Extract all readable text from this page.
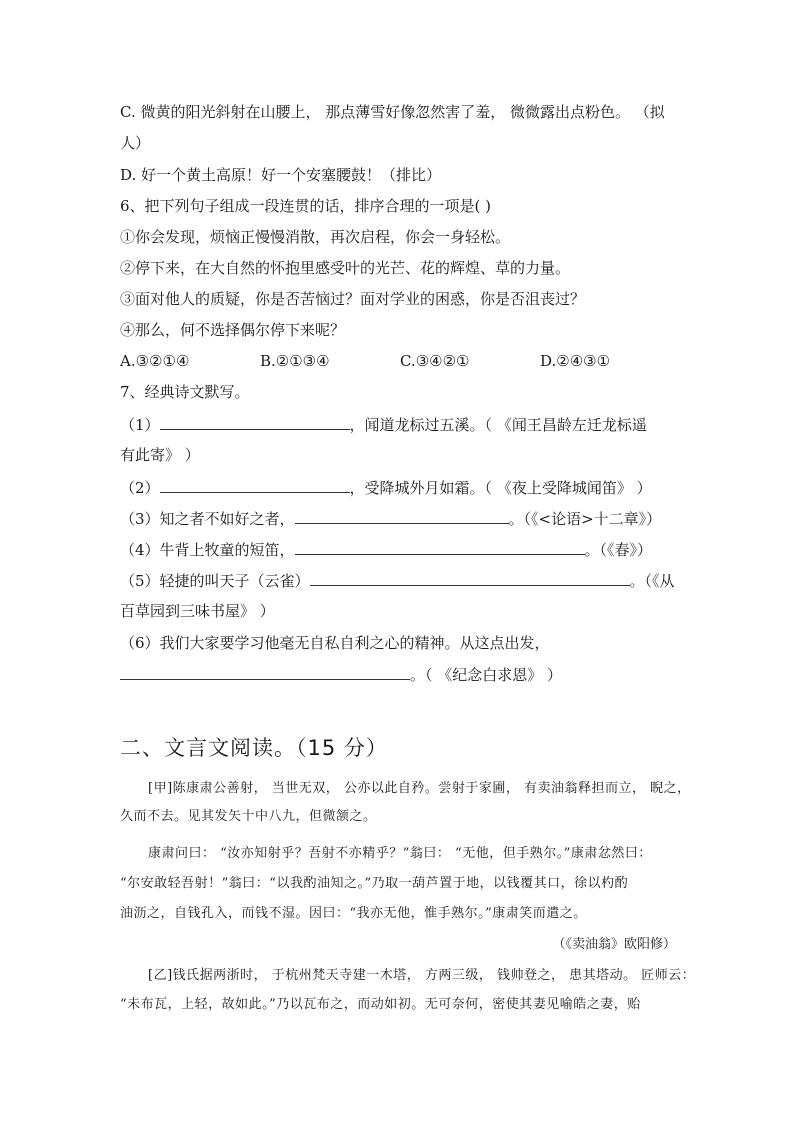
C. 微黄的阳光斜射在山腰上， 那点薄雪好像忽然害了羞， 微微露出点粉色。 （拟
人）
D. 好一个黄土高原！好一个安塞腰鼓！（排比）
6、把下列句子组成一段连贯的话，排序合理的一项是( )
①你会发现，烦恼正慢慢消散，再次启程，你会一身轻松。
②停下来，在大自然的怀抱里感受叶的光芒、花的辉煌、草的力量。
③面对他人的质疑，你是否苦恼过？面对学业的困惑，你是否沮丧过？
④那么，何不选择偶尔停下来呢？
A.③②①④	B.②①③④	C.③④②①	D.②④③①
7、经典诗文默写。
（1）	，闻道龙标过五溪。（ 《闻王昌龄左迁龙标遥
有此寄》 ）
（2）	，受降城外月如霜。（ 《夜上受降城闻笛》 ）
（3）知之者不如好之者，	。（《<论语>十二章》）
（4）牛背上牧童的短笛，	。（《春》）
（5）轻捷的叫天子（云雀）	。（《从
百草园到三味书屋》 ）
（6）我们大家要学习他毫无自私自利之心的精神。从这点出发，
。（ 《纪念白求恩》 ）
二、文言文阅读。（15 分）
[甲]陈康肃公善射， 当世无双， 公亦以此自矜。尝射于家圃， 有卖油翁释担而立， 睨之，
久而不去。见其发矢十中八九，但微颔之。
康肃问曰： “汝亦知射乎？吾射不亦精乎？”翁曰： “无他，但手熟尔。”康肃忿然曰：
“尔安敢轻吾射！”翁曰：“以我酌油知之。”乃取一葫芦置于地，以钱覆其口，徐以杓酌
油沥之，自钱孔入，而钱不湿。因曰：“我亦无他，惟手熟尔。”康肃笑而遣之。
（《卖油翁》欧阳修）
[乙]钱氏据两浙时， 于杭州梵天寺建一木塔， 方两三级， 钱帅登之， 患其塔动。 匠师云：
“未布瓦，上轻，故如此。”乃以瓦布之，而动如初。无可奈何，密使其妻见喻皓之妻，贻
